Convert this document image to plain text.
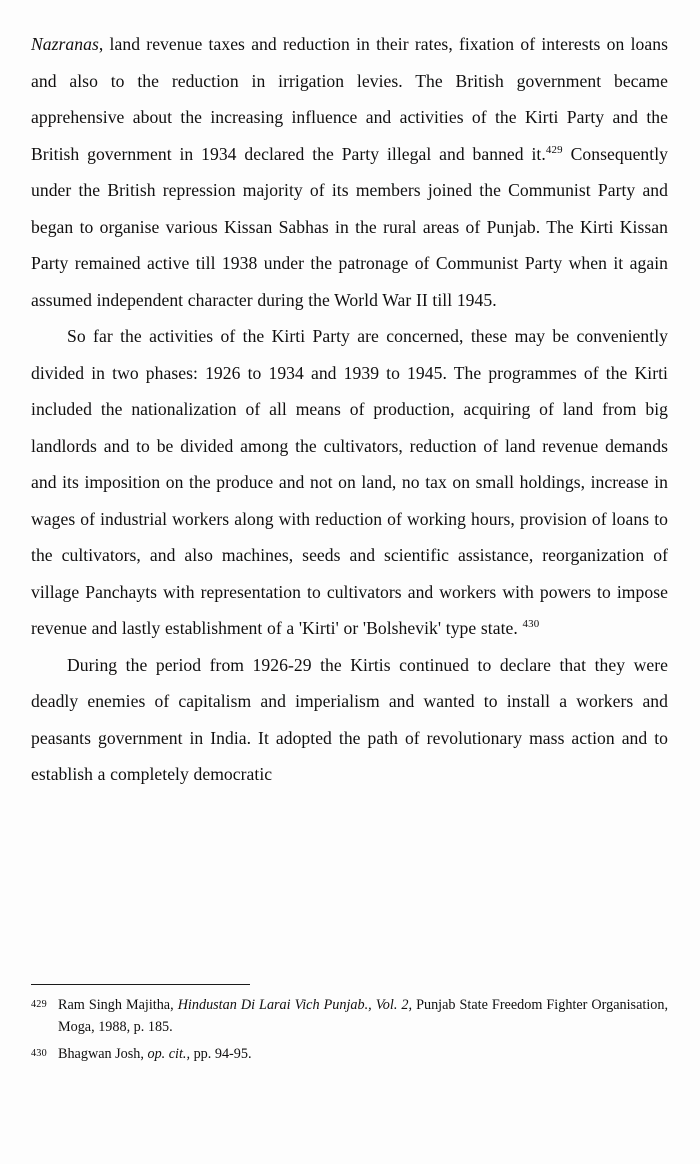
Nazranas, land revenue taxes and reduction in their rates, fixation of interests on loans and also to the reduction in irrigation levies. The British government became apprehensive about the increasing influence and activities of the Kirti Party and the British government in 1934 declared the Party illegal and banned it.$^{429}$ Consequently under the British repression majority of its members joined the Communist Party and began to organise various Kissan Sabhas in the rural areas of Punjab. The Kirti Kissan Party remained active till 1938 under the patronage of Communist Party when it again assumed independent character during the World War II till 1945.

So far the activities of the Kirti Party are concerned, these may be conveniently divided in two phases: 1926 to 1934 and 1939 to 1945. The programmes of the Kirti included the nationalization of all means of production, acquiring of land from big landlords and to be divided among the cultivators, reduction of land revenue demands and its imposition on the produce and not on land, no tax on small holdings, increase in wages of industrial workers along with reduction of working hours, provision of loans to the cultivators, and also machines, seeds and scientific assistance, reorganization of village Panchayts with representation to cultivators and workers with powers to impose revenue and lastly establishment of a 'Kirti' or 'Bolshevik' type state. $^{430}$

During the period from 1926-29 the Kirtis continued to declare that they were deadly enemies of capitalism and imperialism and wanted to install a workers and peasants government in India. It adopted the path of revolutionary mass action and to establish a completely democratic

429 Ram Singh Majitha, Hindustan Di Larai Vich Punjab., Vol. 2, Punjab State Freedom Fighter Organisation, Moga, 1988, p. 185.
430 Bhagwan Josh, op. cit., pp. 94-95.
